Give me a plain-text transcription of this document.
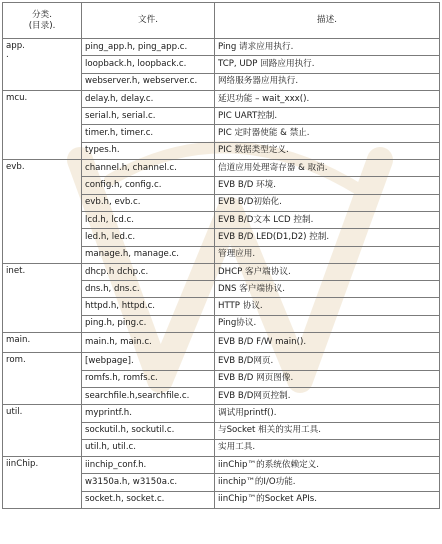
分类.
(目录).	文件.	描述.

app.
.	ping_app.h, ping_app.c.	Ping 请求应用执行.
	loopback.h, loopback.c.	TCP, UDP 回路应用执行.
	webserver.h, webserver.c.	网络服务器应用执行.

mcu.	delay.h, delay.c.	延迟功能 – wait_xxx().
	serial.h, serial.c.	PIC UART控制.
	timer.h, timer.c.	PIC 定时器使能 & 禁止.
	types.h.	PIC 数据类型定义.

evb.	channel.h, channel.c.	信道应用处理寄存器 & 取消.
	config.h, config.c.	EVB B/D 环境.
	evb.h, evb.c.	EVB B/D初始化.
	lcd.h, lcd.c.	EVB B/D文本 LCD 控制.
	led.h, led.c.	EVB B/D LED(D1,D2) 控制.
	manage.h, manage.c.	管理应用.

inet.	dhcp.h dchp.c.	DHCP 客户端协议.
	dns.h, dns.c.	DNS 客户端协议.
	httpd.h, httpd.c.	HTTP 协议.
	ping.h, ping.c.	Ping协议.

main.	main.h, main.c.	EVB B/D F/W main().

rom.	[webpage].	EVB B/D网页.
	romfs.h, romfs.c.	EVB B/D 网页图像.
	searchfile.h,searchfile.c.	EVB B/D网页控制.

util.	myprintf.h.	调试用printf().
	sockutil.h, sockutil.c.	与Socket 相关的实用工具.
	util.h, util.c.	实用工具.

iinChip.	iinchip_conf.h.	iinChip™的系统依赖定义.
	w3150a.h, w3150a.c.	iinchip™的I/O功能.
	socket.h, socket.c.	iinChip™的Socket APIs.
